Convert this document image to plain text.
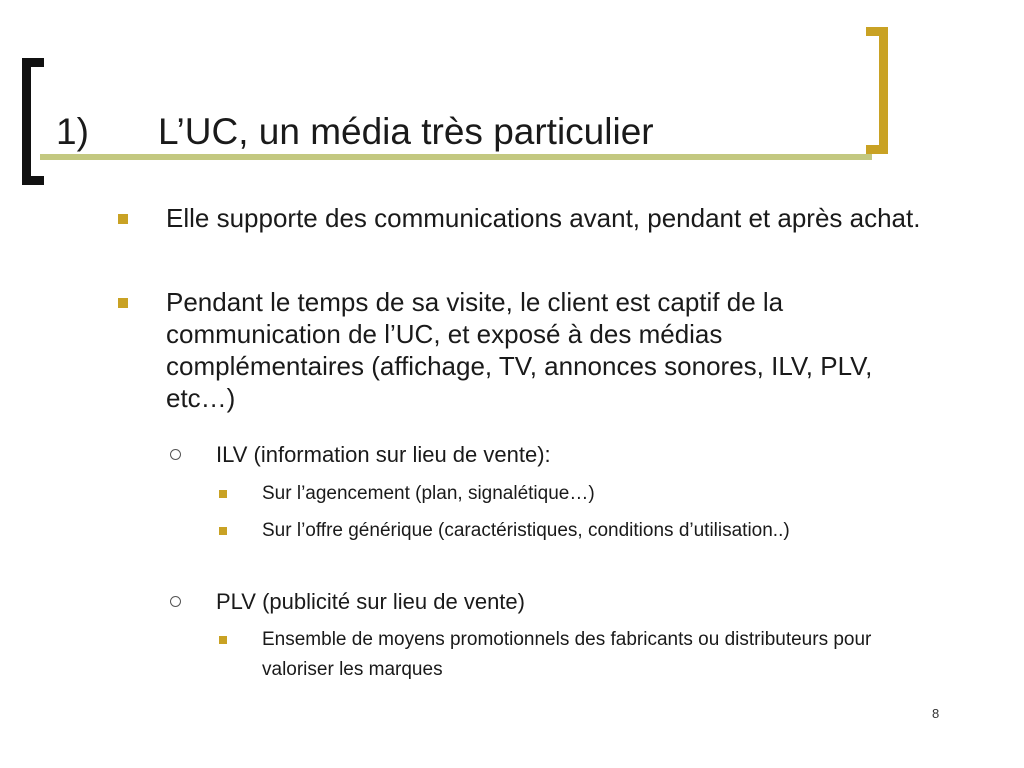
1) L’UC, un média très particulier
Elle supporte des communications avant, pendant et après achat.
Pendant le temps de sa visite, le client est captif de la communication de l’UC, et exposé à des médias complémentaires (affichage, TV, annonces sonores, ILV, PLV, etc…)
ILV (information sur lieu de vente):
Sur l’agencement (plan, signalétique…)
Sur l’offre générique (caractéristiques, conditions d’utilisation..)
PLV (publicité sur lieu de vente)
Ensemble de moyens promotionnels des fabricants ou distributeurs pour valoriser les marques
8
